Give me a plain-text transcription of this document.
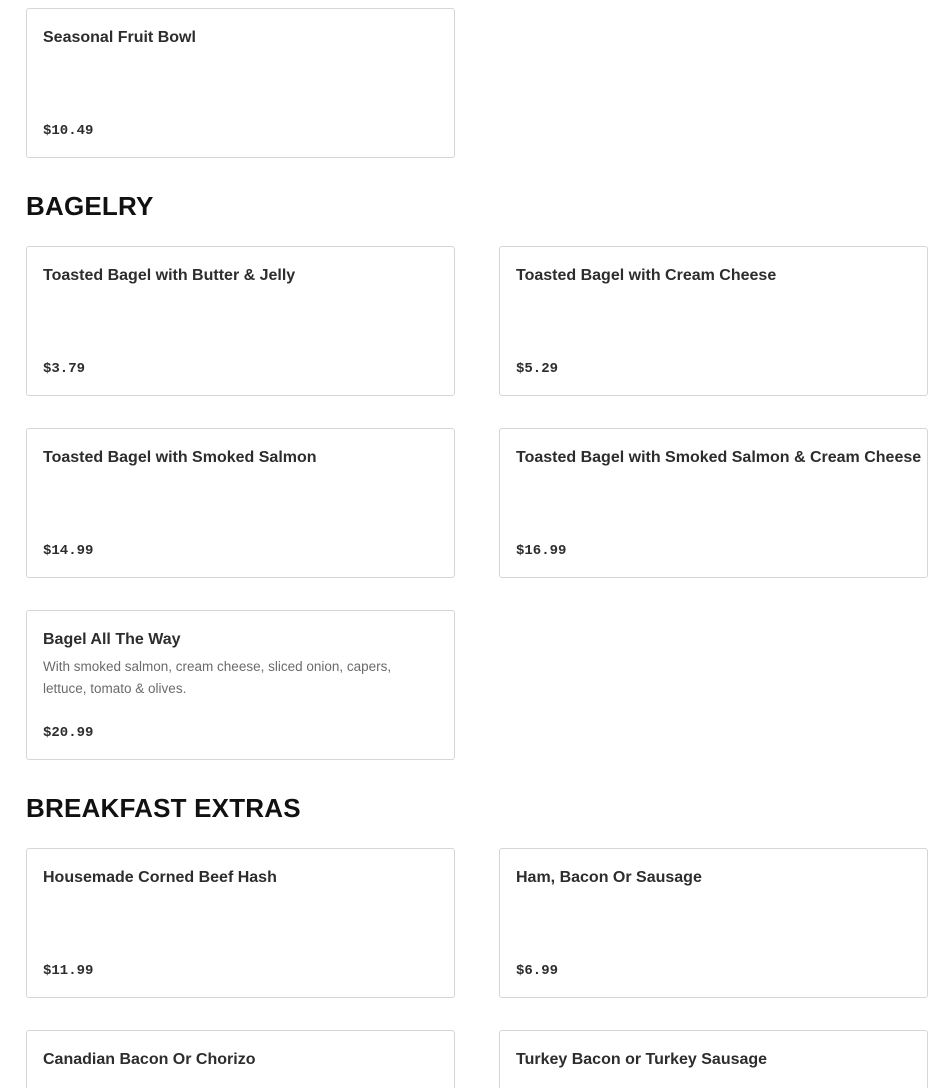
Seasonal Fruit Bowl
$10.49
BAGELRY
Toasted Bagel with Butter & Jelly
$3.79
Toasted Bagel with Cream Cheese
$5.29
Toasted Bagel with Smoked Salmon
$14.99
Toasted Bagel with Smoked Salmon & Cream Cheese
$16.99
Bagel All The Way
With smoked salmon, cream cheese, sliced onion, capers, lettuce, tomato & olives.
$20.99
BREAKFAST EXTRAS
Housemade Corned Beef Hash
$11.99
Ham, Bacon Or Sausage
$6.99
Canadian Bacon Or Chorizo	Turkey Bacon or Turkey Sausage
